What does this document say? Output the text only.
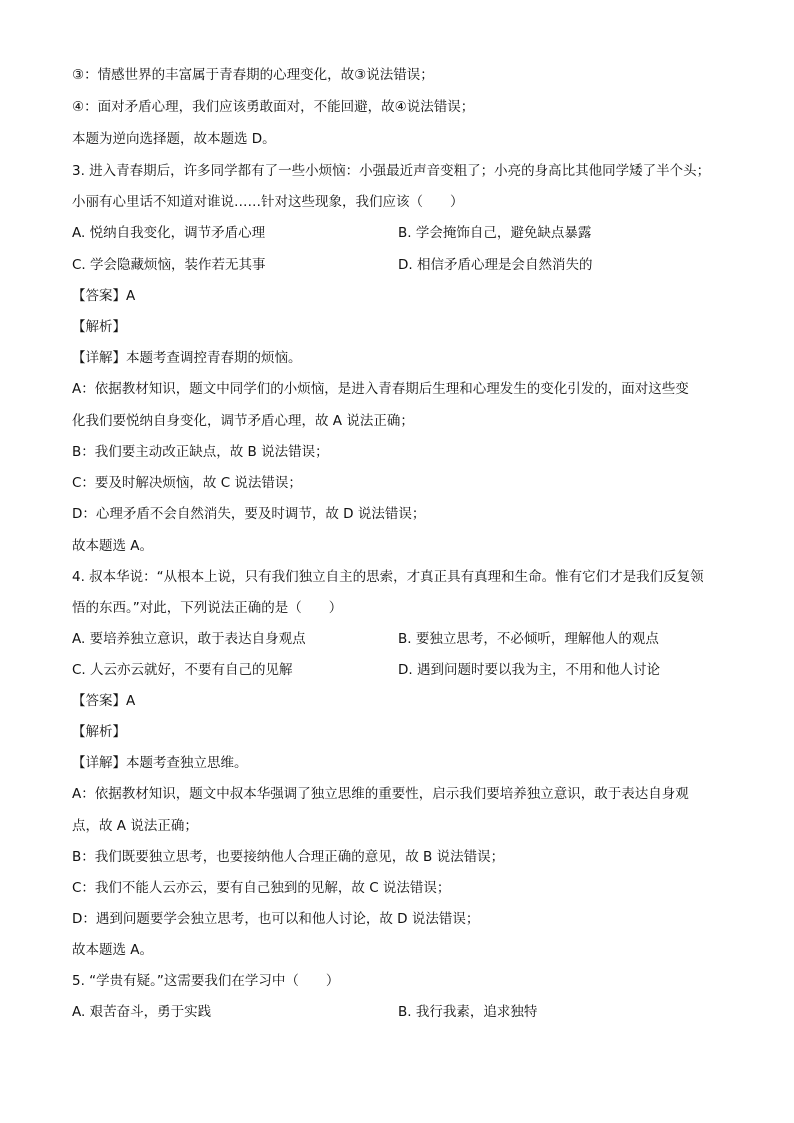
③：情感世界的丰富属于青春期的心理变化，故③说法错误；
④：面对矛盾心理，我们应该勇敢面对，不能回避，故④说法错误；
本题为逆向选择题，故本题选 D。
3. 进入青春期后，许多同学都有了一些小烦恼：小强最近声音变粗了；小亮的身高比其他同学矮了半个头；
小丽有心里话不知道对谁说……针对这些现象，我们应该（　　）
A. 悦纳自我变化，调节矛盾心理	B. 学会掩饰自己，避免缺点暴露
C. 学会隐藏烦恼，装作若无其事	D. 相信矛盾心理是会自然消失的
【答案】A
【解析】
【详解】本题考查调控青春期的烦恼。
A：依据教材知识，题文中同学们的小烦恼，是进入青春期后生理和心理发生的变化引发的，面对这些变
化我们要悦纳自身变化，调节矛盾心理，故 A 说法正确；
B：我们要主动改正缺点，故 B 说法错误；
C：要及时解决烦恼，故 C 说法错误；
D：心理矛盾不会自然消失，要及时调节，故 D 说法错误；
故本题选 A。
4. 叔本华说：“从根本上说，只有我们独立自主的思索，才真正具有真理和生命。惟有它们才是我们反复领
悟的东西。”对此，下列说法正确的是（　　）
A. 要培养独立意识，敢于表达自身观点	B. 要独立思考，不必倾听，理解他人的观点
C. 人云亦云就好，不要有自己的见解	D. 遇到问题时要以我为主，不用和他人讨论
【答案】A
【解析】
【详解】本题考查独立思维。
A：依据教材知识，题文中叔本华强调了独立思维的重要性，启示我们要培养独立意识，敢于表达自身观
点，故 A 说法正确；
B：我们既要独立思考，也要接纳他人合理正确的意见，故 B 说法错误；
C：我们不能人云亦云，要有自己独到的见解，故 C 说法错误；
D：遇到问题要学会独立思考，也可以和他人讨论，故 D 说法错误；
故本题选 A。
5. “学贵有疑。”这需要我们在学习中（　　）
A. 艰苦奋斗，勇于实践	B. 我行我素，追求独特
